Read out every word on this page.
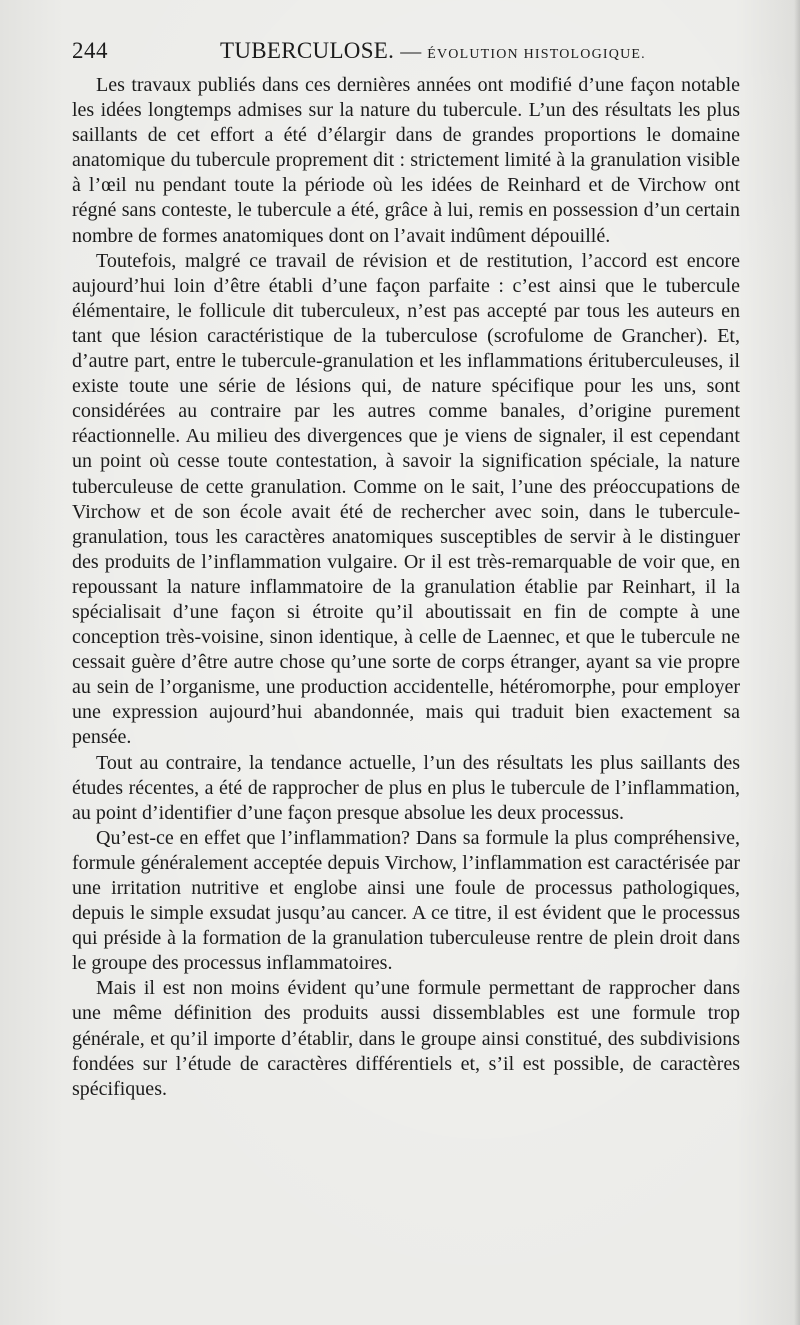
244	TUBERCULOSE. — ÉVOLUTION HISTOLOGIQUE.

Les travaux publiés dans ces dernières années ont modifié d’une façon notable les idées longtemps admises sur la nature du tubercule. L’un des résultats les plus saillants de cet effort a été d’élargir dans de grandes proportions le domaine anatomique du tubercule proprement dit : strictement limité à la granulation visible à l’œil nu pendant toute la période où les idées de Reinhard et de Virchow ont régné sans conteste, le tubercule a été, grâce à lui, remis en possession d’un certain nombre de formes anatomiques dont on l’avait indûment dépouillé.

Toutefois, malgré ce travail de révision et de restitution, l’accord est encore aujourd’hui loin d’être établi d’une façon parfaite : c’est ainsi que le tubercule élémentaire, le follicule dit tuberculeux, n’est pas accepté par tous les auteurs en tant que lésion caractéristique de la tuberculose (scrofulome de Grancher). Et, d’autre part, entre le tubercule-granulation et les inflammations érituberculeuses, il existe toute une série de lésions qui, de nature spécifique pour les uns, sont considérées au contraire par les autres comme banales, d’origine purement réactionnelle. Au milieu des divergences que je viens de signaler, il est cependant un point où cesse toute contestation, à savoir la signification spéciale, la nature tuberculeuse de cette granulation. Comme on le sait, l’une des préoccupations de Virchow et de son école avait été de rechercher avec soin, dans le tubercule-granulation, tous les caractères anatomiques susceptibles de servir à le distinguer des produits de l’inflammation vulgaire. Or il est très-remarquable de voir que, en repoussant la nature inflammatoire de la granulation établie par Reinhart, il la spécialisait d’une façon si étroite qu’il aboutissait en fin de compte à une conception très-voisine, sinon identique, à celle de Laennec, et que le tubercule ne cessait guère d’être autre chose qu’une sorte de corps étranger, ayant sa vie propre au sein de l’organisme, une production accidentelle, hétéromorphe, pour employer une expression aujourd’hui abandonnée, mais qui traduit bien exactement sa pensée.

Tout au contraire, la tendance actuelle, l’un des résultats les plus saillants des études récentes, a été de rapprocher de plus en plus le tubercule de l’inflammation, au point d’identifier d’une façon presque absolue les deux processus.

Qu’est-ce en effet que l’inflammation? Dans sa formule la plus compréhensive, formule généralement acceptée depuis Virchow, l’inflammation est caractérisée par une irritation nutritive et englobe ainsi une foule de processus pathologiques, depuis le simple exsudat jusqu’au cancer. A ce titre, il est évident que le processus qui préside à la formation de la granulation tuberculeuse rentre de plein droit dans le groupe des processus inflammatoires.

Mais il est non moins évident qu’une formule permettant de rapprocher dans une même définition des produits aussi dissemblables est une formule trop générale, et qu’il importe d’établir, dans le groupe ainsi constitué, des subdivisions fondées sur l’étude de caractères différentiels et, s’il est possible, de caractères spécifiques.
